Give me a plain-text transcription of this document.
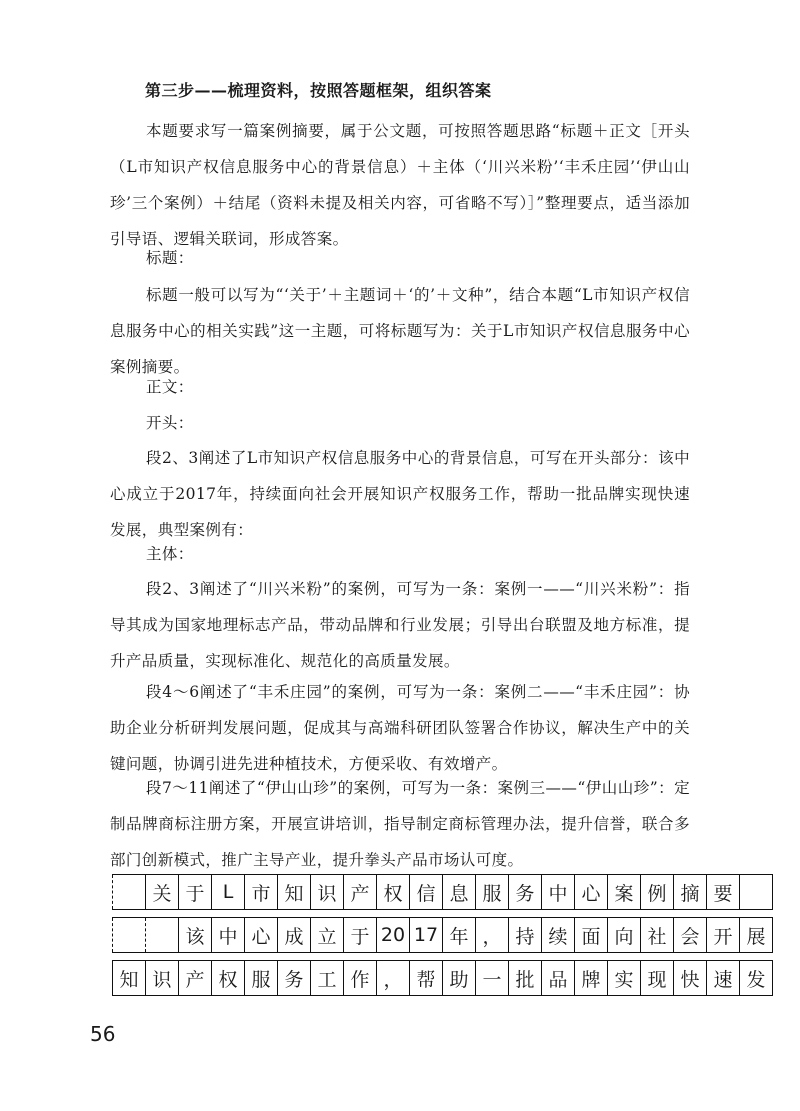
第三步——梳理资料，按照答题框架，组织答案
本题要求写一篇案例摘要，属于公文题，可按照答题思路“标题＋正文［开头（L市知识产权信息服务中心的背景信息）＋主体（‘川兴米粉’‘丰禾庄园’‘伊山山珍’三个案例）＋结尾（资料未提及相关内容，可省略不写）］”整理要点，适当添加引导语、逻辑关联词，形成答案。
标题：
标题一般可以写为“‘关于’＋主题词＋‘的’＋文种”，结合本题“L市知识产权信息服务中心的相关实践”这一主题，可将标题写为：关于L市知识产权信息服务中心案例摘要。
正文：
开头：
段2、3阐述了L市知识产权信息服务中心的背景信息，可写在开头部分：该中心成立于2017年，持续面向社会开展知识产权服务工作，帮助一批品牌实现快速发展，典型案例有：
主体：
段2、3阐述了“川兴米粉”的案例，可写为一条：案例一——“川兴米粉”：指导其成为国家地理标志产品，带动品牌和行业发展；引导出台联盟及地方标准，提升产品质量，实现标准化、规范化的高质量发展。
段4～6阐述了“丰禾庄园”的案例，可写为一条：案例二——“丰禾庄园”：协助企业分析研判发展问题，促成其与高端科研团队签署合作协议，解决生产中的关键问题，协调引进先进种植技术，方便采收、有效增产。
段7～11阐述了“伊山山珍”的案例，可写为一条：案例三——“伊山山珍”：定制品牌商标注册方案，开展宣讲培训，指导制定商标管理办法，提升信誉，联合多部门创新模式，推广主导产业，提升拳头产品市场认可度。
	关	于	L	市	知	识	产	权	信	息	服	务	中	心	案	例	摘	要	
		该	中	心	成	立	于	20	17	年	，	持	续	面	向	社	会	开	展
知	识	产	权	服	务	工	作	，	帮	助	一	批	品	牌	实	现	快	速	发
56
